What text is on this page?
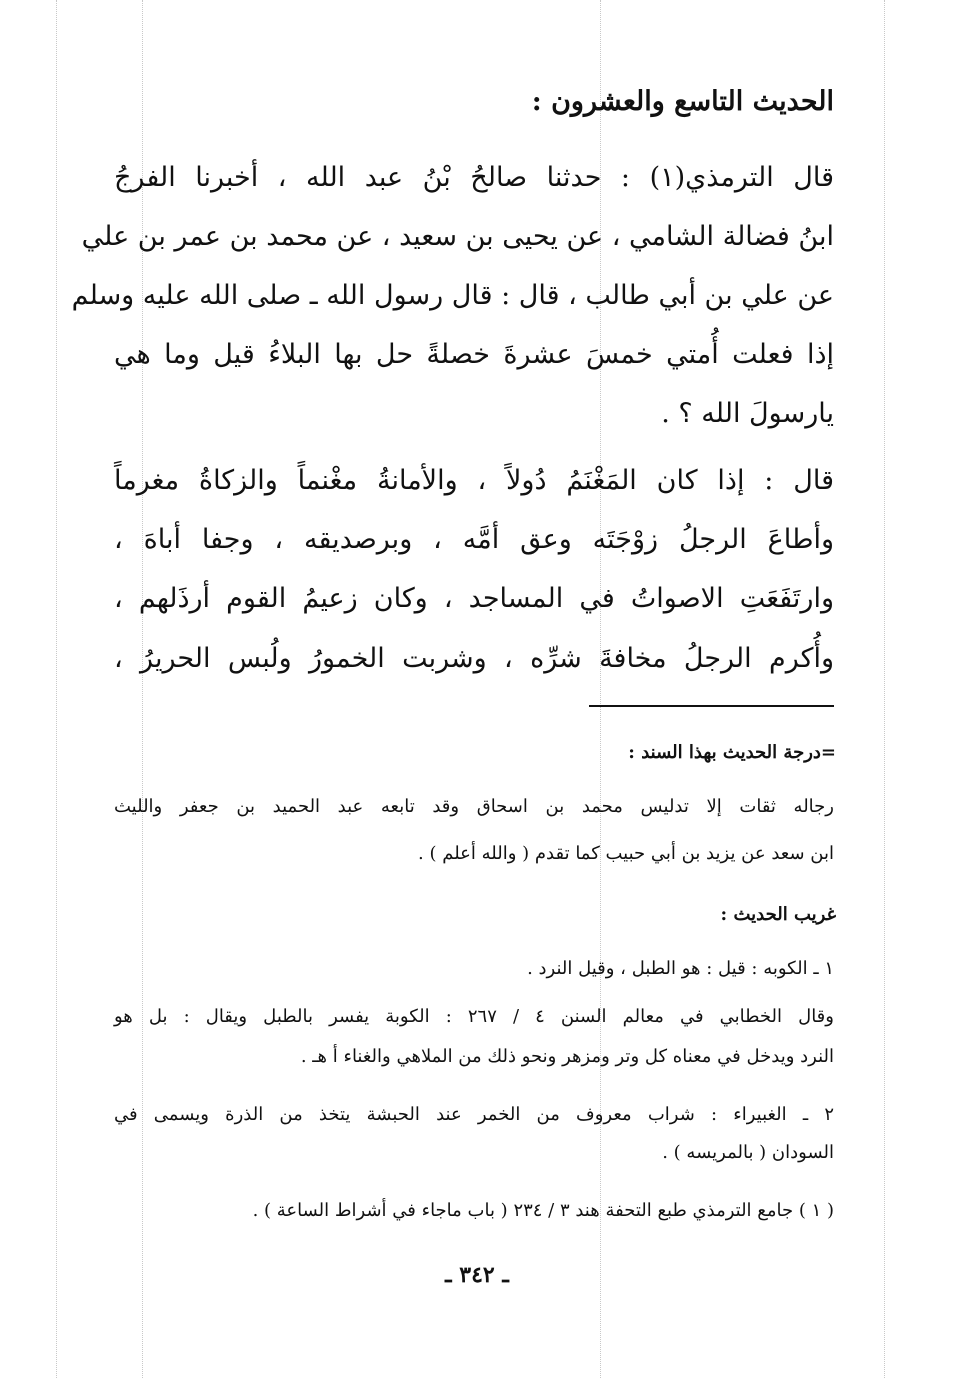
الحديث التاسع والعشرون :
قال الترمذي(١) : حدثنا صالحُ بْنُ عبد الله ، أخبرنا الفرجُ
ابنُ فضالة الشامي ، عن يحيى بن سعيد ، عن محمد بن عمر بن علي
عن علي بن أبي طالب ، قال : قال رسول الله ـ صلى الله عليه وسلم
إذا فعلت أُمتي خمسَ عشرةَ خصلةً حل بها البلاءُ قيل وما هي
يارسولَ الله ؟ .
قال : إذا كان المَغْنَمُ دُولاً ، والأمانةُ مغْنماً والزكاةُ مغرماً
وأطاعَ الرجلُ زوْجَتَه وعق أمَّه ، وبرصديقه ، وجفا أباهَ ،
وارتَفَعَتِ الاصواتُ في المساجد ، وكان زعيمُ القوم أرذَلهم ،
وأُكرم الرجلُ مخافةَ شرِّه ، وشربت الخمورُ ولُبس الحريرُ ،
=درجة الحديث بهذا السند :
رجاله ثقات إلا تدليس محمد بن اسحاق وقد تابعه عبد الحميد بن جعفر والليث
ابن سعد عن يزيد بن أبي حبيب كما تقدم ( والله أعلم ) .
غريب الحديث :
١ ـ الكوبه : قيل : هو الطبل ، وقيل النرد .
وقال الخطابي في معالم السنن ٤ / ٢٦٧ : الكوبة يفسر بالطبل ويقال : بل هو
النرد ويدخل في معناه كل وتر ومزهر ونحو ذلك من الملاهي والغناء أ هـ .
٢ ـ الغبيراء : شراب معروف من الخمر عند الحبشة يتخذ من الذرة ويسمى في
السودان ( بالمريسه ) .
( ١ ) جامع الترمذي طبع التحفة هند ٣ / ٢٣٤ ( باب ماجاء في أشراط الساعة ) .
ـ ٣٤٢ ـ
